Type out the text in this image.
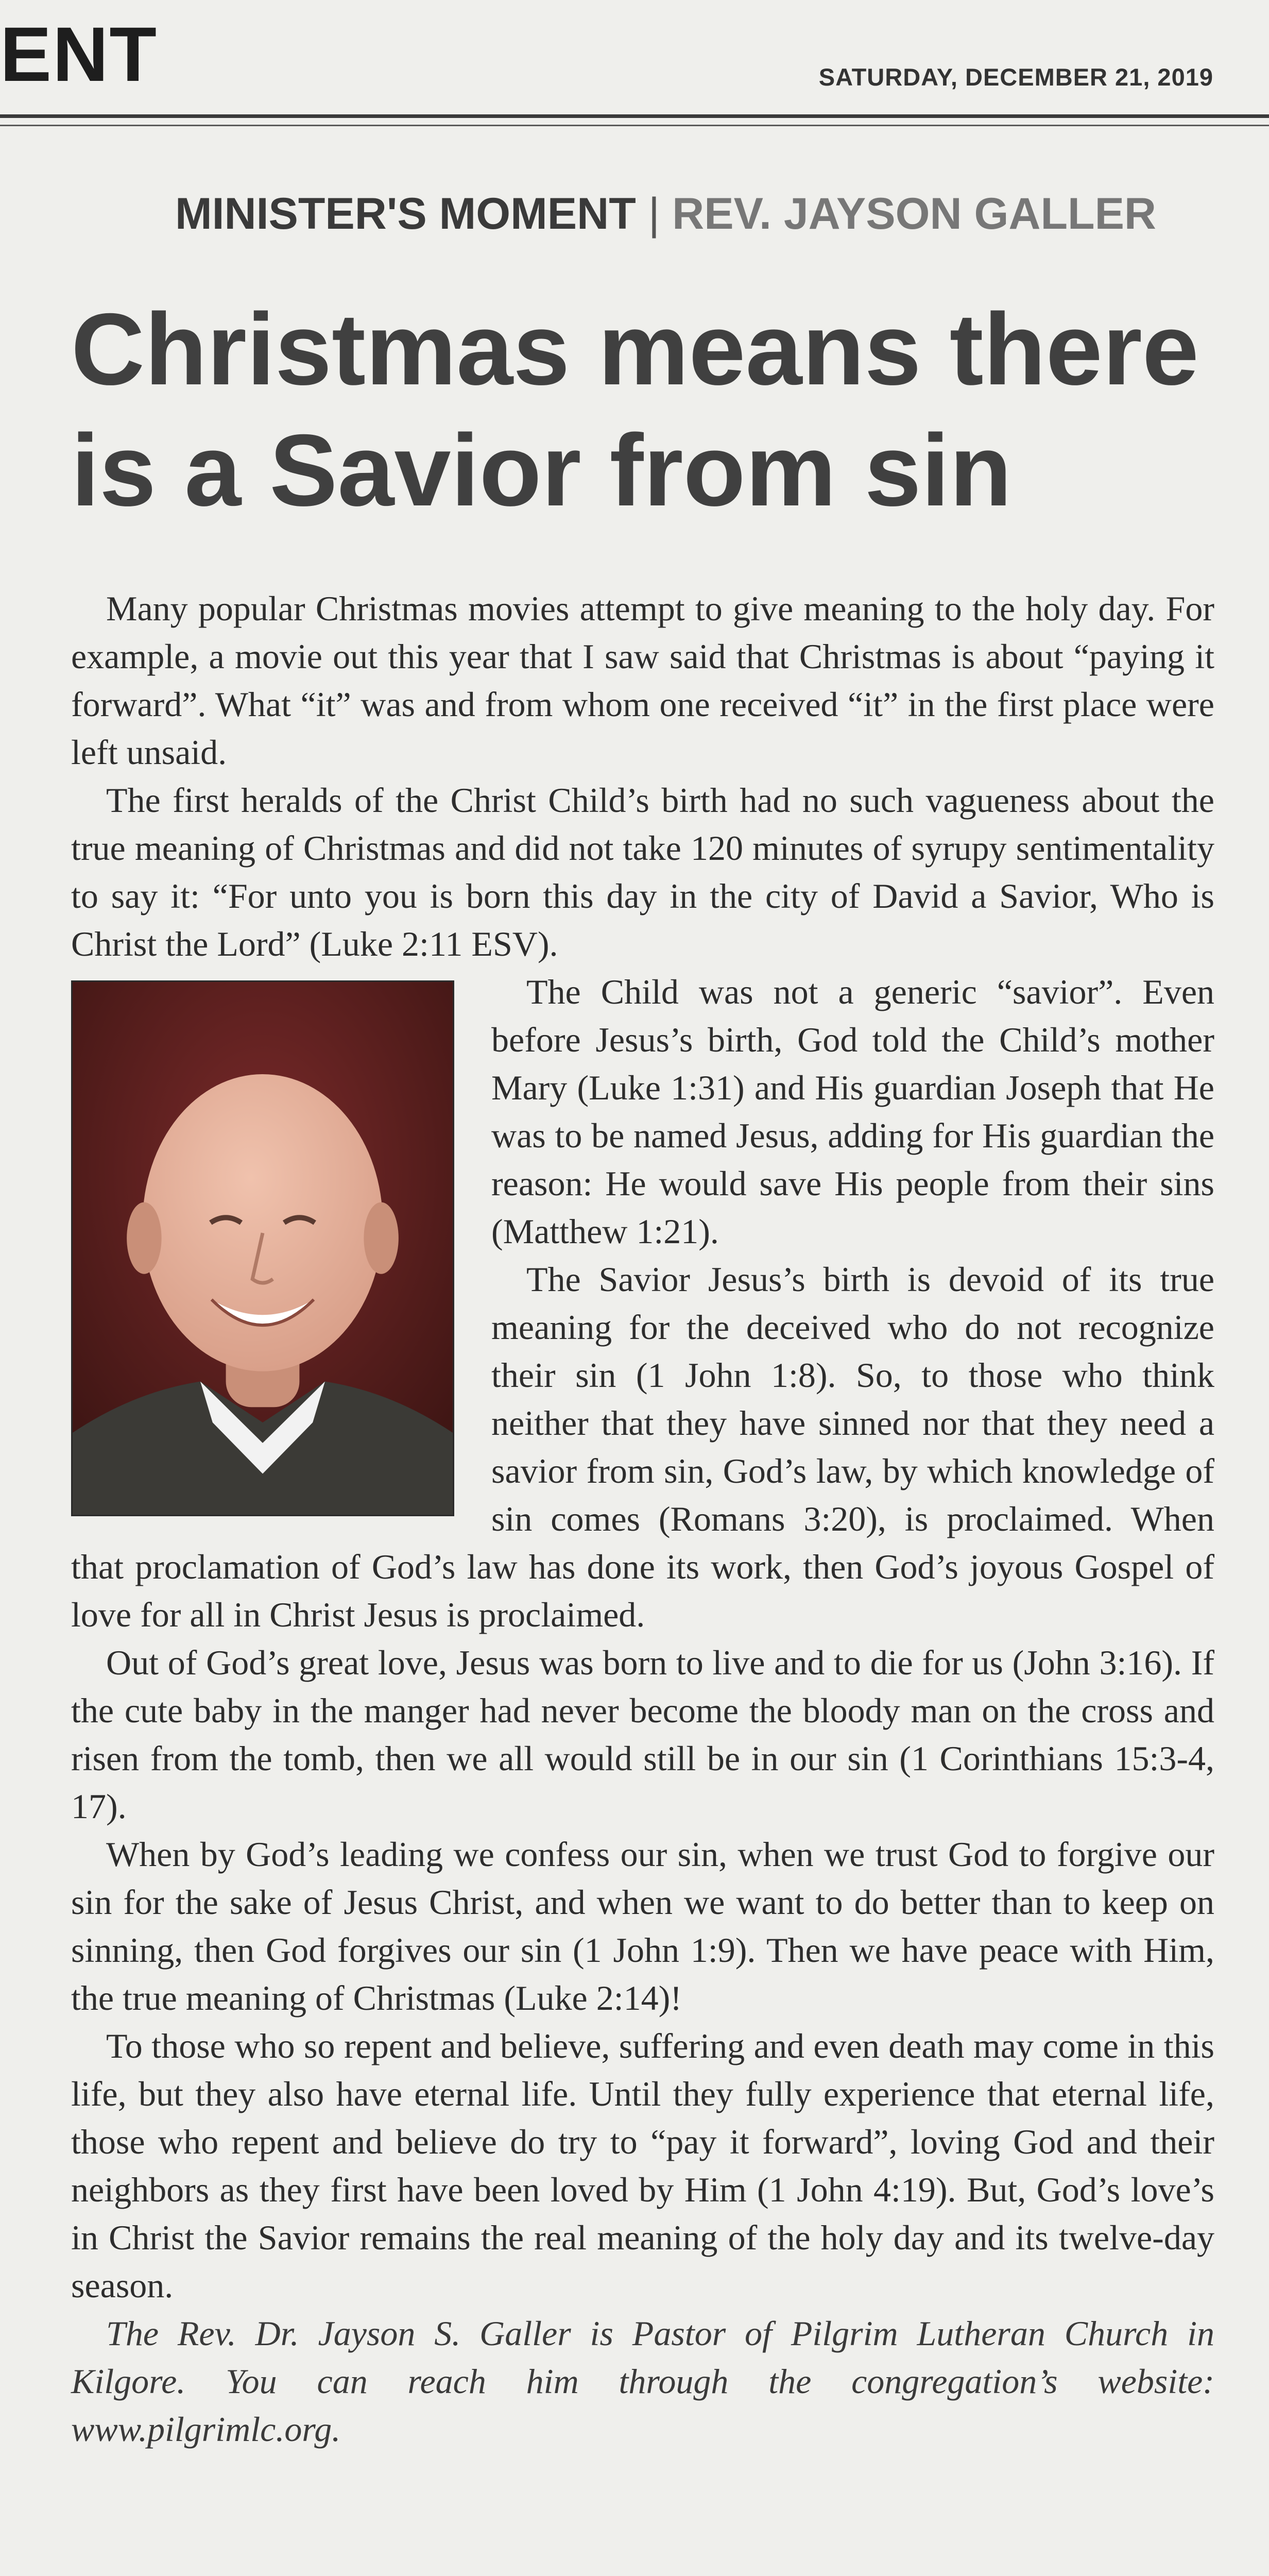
ENT	SATURDAY, DECEMBER 21, 2019
MINISTER'S MOMENT | REV. JAYSON GALLER
Christmas means there is a Savior from sin

Many popular Christmas movies attempt to give meaning to the holy day. For example, a movie out this year that I saw said that Christmas is about “paying it forward”. What “it” was and from whom one received “it” in the first place were left unsaid.

The first heralds of the Christ Child’s birth had no such vagueness about the true meaning of Christmas and did not take 120 minutes of syrupy sentimentality to say it: “For unto you is born this day in the city of David a Savior, Who is Christ the Lord” (Luke 2:11 ESV).

The Child was not a generic “savior”. Even before Jesus’s birth, God told the Child’s mother Mary (Luke 1:31) and His guardian Joseph that He was to be named Jesus, adding for His guardian the reason: He would save His people from their sins (Matthew 1:21).

The Savior Jesus’s birth is devoid of its true meaning for the deceived who do not recognize their sin (1 John 1:8). So, to those who think neither that they have sinned nor that they need a savior from sin, God’s law, by which knowledge of sin comes (Romans 3:20), is proclaimed. When that proclamation of God’s law has done its work, then God’s joyous Gospel of love for all in Christ Jesus is proclaimed.

Out of God’s great love, Jesus was born to live and to die for us (John 3:16). If the cute baby in the manger had never become the bloody man on the cross and risen from the tomb, then we all would still be in our sin (1 Corinthians 15:3-4, 17).

When by God’s leading we confess our sin, when we trust God to forgive our sin for the sake of Jesus Christ, and when we want to do better than to keep on sinning, then God forgives our sin (1 John 1:9). Then we have peace with Him, the true meaning of Christmas (Luke 2:14)!

To those who so repent and believe, suffering and even death may come in this life, but they also have eternal life. Until they fully experience that eternal life, those who repent and believe do try to “pay it forward”, loving God and their neighbors as they first have been loved by Him (1 John 4:19). But, God’s love’s in Christ the Savior remains the real meaning of the holy day and its twelve-day season.

The Rev. Dr. Jayson S. Galler is Pastor of Pilgrim Lutheran Church in Kilgore. You can reach him through the congregation’s website: www.pilgrimlc.org.
